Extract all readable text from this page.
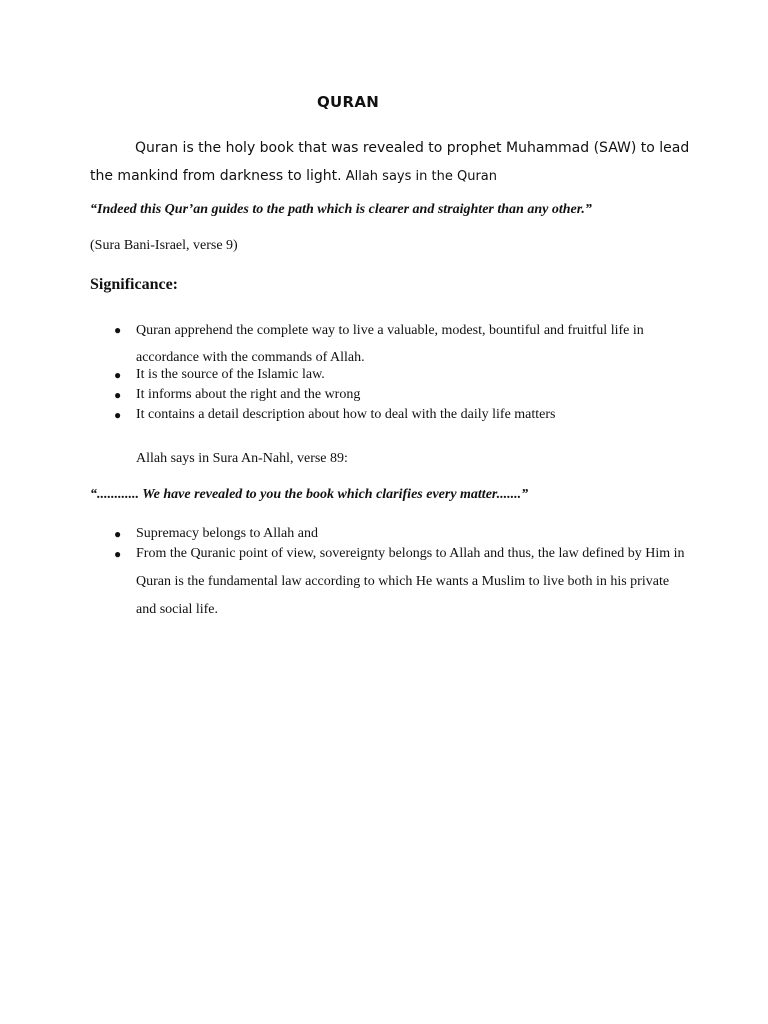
QURAN

Quran is the holy book that was revealed to prophet Muhammad (SAW) to lead the mankind from darkness to light. Allah says in the Quran

“Indeed this Qur’an guides to the path which is clearer and straighter than any other.”
(Sura Bani-Israel, verse 9)
Significance:
● Quran apprehend the complete way to live a valuable, modest, bountiful and fruitful life in accordance with the commands of Allah.
● It is the source of the Islamic law.
● It informs about the right and the wrong
● It contains a detail description about how to deal with the daily life matters
Allah says in Sura An-Nahl, verse 89:
“............ We have revealed to you the book which clarifies every matter.......”
● Supremacy belongs to Allah and
● From the Quranic point of view, sovereignty belongs to Allah and thus, the law defined by Him in Quran is the fundamental law according to which He wants a Muslim to live both in his private and social life.
